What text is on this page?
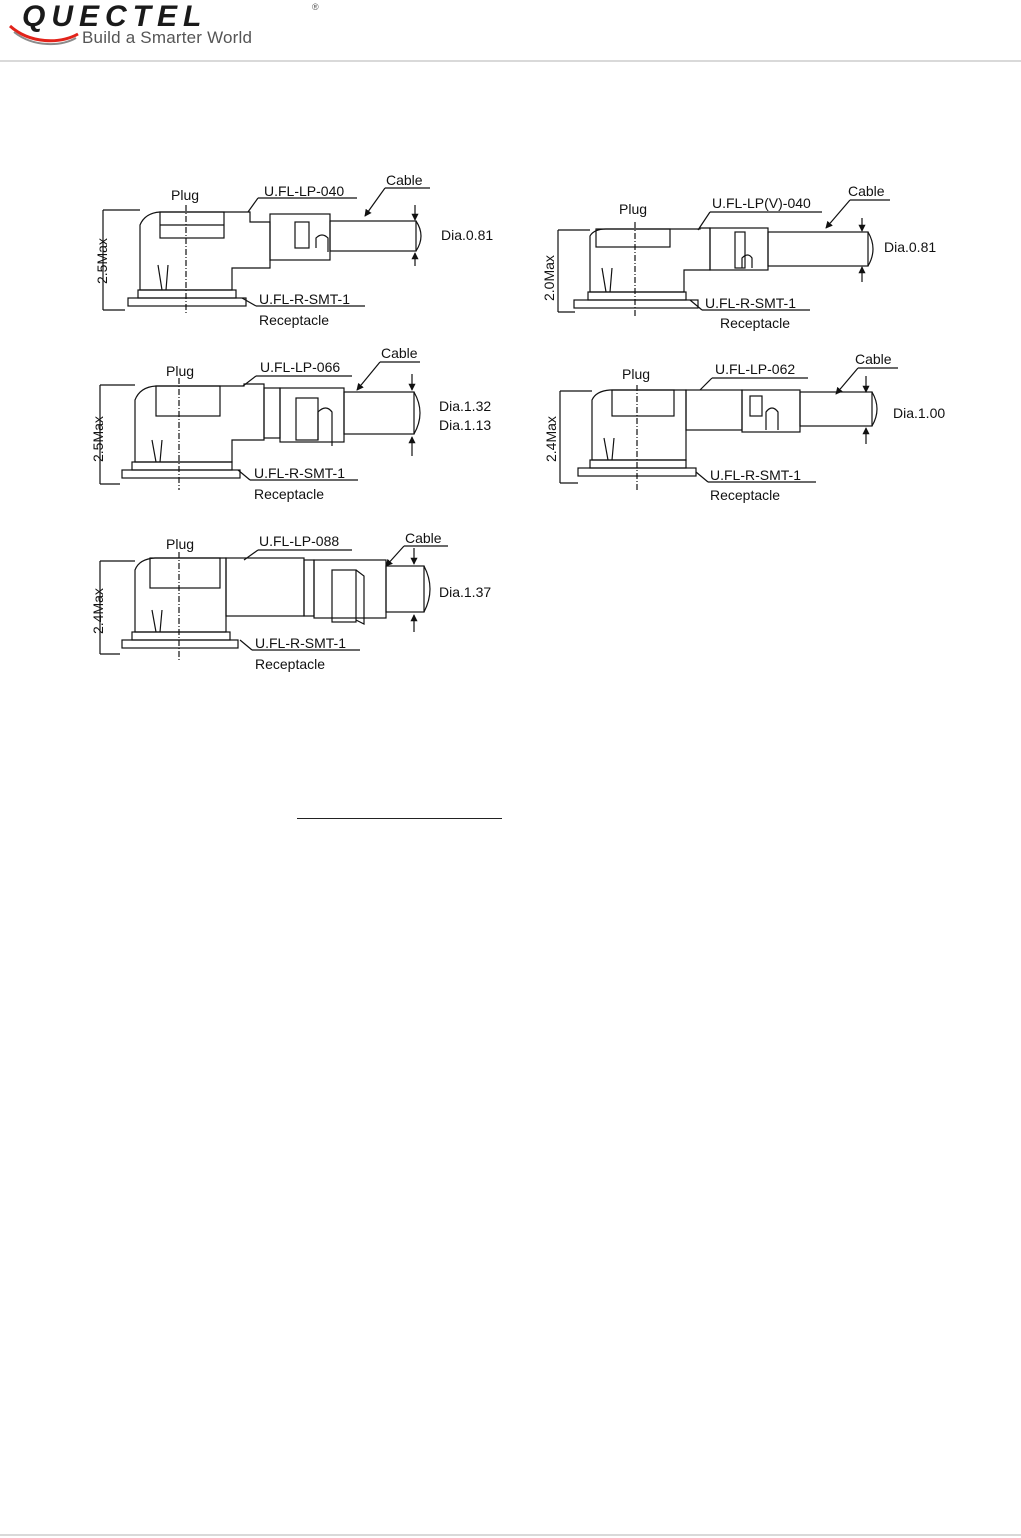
QUECTEL	®
Build a Smarter World
Plug	U.FL-LP-040
Cable
Dia.0.81
2.5Max
U.FL-R-SMT-1
Receptacle
Plug	U.FL-LP(V)-040
Cable
Dia.0.81
2.0Max
U.FL-R-SMT-1
Receptacle
Plug	U.FL-LP-066
Cable
Dia.1.32
Dia.1.13
2.5Max
U.FL-R-SMT-1
Receptacle
Plug	U.FL-LP-062
Cable
Dia.1.00
2.4Max
U.FL-R-SMT-1
Receptacle
Plug	U.FL-LP-088	Cable
Dia.1.37
2.4Max
U.FL-R-SMT-1
Receptacle
